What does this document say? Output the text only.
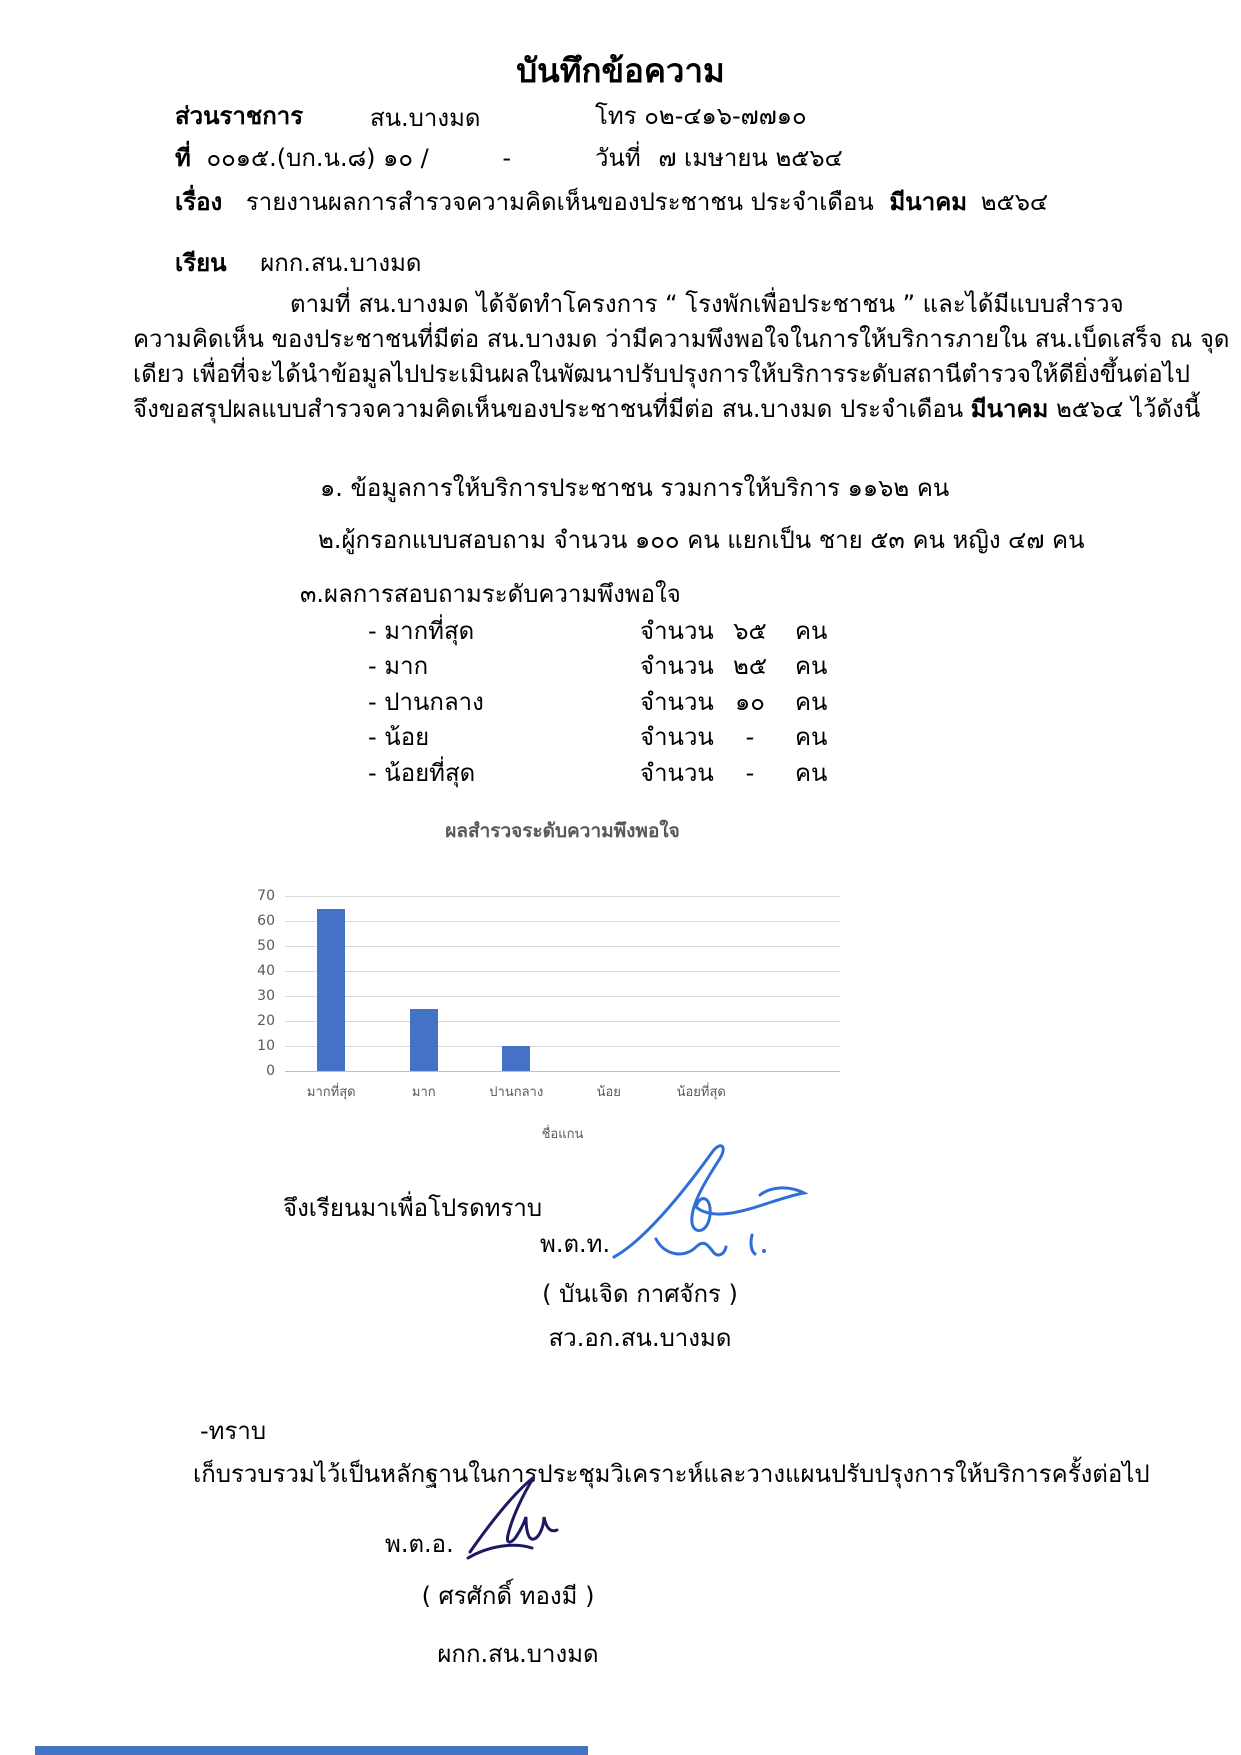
บันทึกข้อความ
ส่วนราชการ	สน.บางมด	โทร ๐๒-๔๑๖-๗๗๑๐
ที่ ๐๐๑๕.(บก.น.๘) ๑๐ /	-	วันที่ ๗ เมษายน ๒๕๖๔
เรื่อง รายงานผลการสำรวจความคิดเห็นของประชาชน ประจำเดือน มีนาคม ๒๕๖๔
เรียน ผกก.สน.บางมด
ตามที่ สน.บางมด ได้จัดทำโครงการ “ โรงพักเพื่อประชาชน ” และได้มีแบบสำรวจ
ความคิดเห็น ของประชาชนที่มีต่อ สน.บางมด ว่ามีความพึงพอใจในการให้บริการภายใน สน.เบ็ดเสร็จ ณ จุด
เดียว เพื่อที่จะได้นำข้อมูลไปประเมินผลในพัฒนาปรับปรุงการให้บริการระดับสถานีตำรวจให้ดียิ่งขึ้นต่อไป
จึงขอสรุปผลแบบสำรวจความคิดเห็นของประชาชนที่มีต่อ สน.บางมด ประจำเดือน มีนาคม ๒๕๖๔ ไว้ดังนี้
๑. ข้อมูลการให้บริการประชาชน รวมการให้บริการ ๑๑๖๒ คน
๒.ผู้กรอกแบบสอบถาม จำนวน ๑๐๐ คน แยกเป็น ชาย ๕๓ คน หญิง ๔๗ คน
๓.ผลการสอบถามระดับความพึงพอใจ
- มากที่สุด	จำนวน ๖๕	คน
- มาก	จำนวน ๒๕	คน
- ปานกลาง	จำนวน ๑๐	คน
- น้อย	จำนวน	-	คน
- น้อยที่สุด	จำนวน	-	คน
ผลสำรวจระดับความพึงพอใจ
ชื่อแกน
0
10
20
30
40
50
60
70
มากที่สุด	มาก	ปานกลาง	น้อย	น้อยที่สุด
จึงเรียนมาเพื่อโปรดทราบ
พ.ต.ท.
( บันเจิด กาศจักร )
สว.อก.สน.บางมด
-ทราบ
เก็บรวบรวมไว้เป็นหลักฐานในการประชุมวิเคราะห์และวางแผนปรับปรุงการให้บริการครั้งต่อไป
พ.ต.อ.
( ศรศักดิ์ ทองมี )
ผกก.สน.บางมด
